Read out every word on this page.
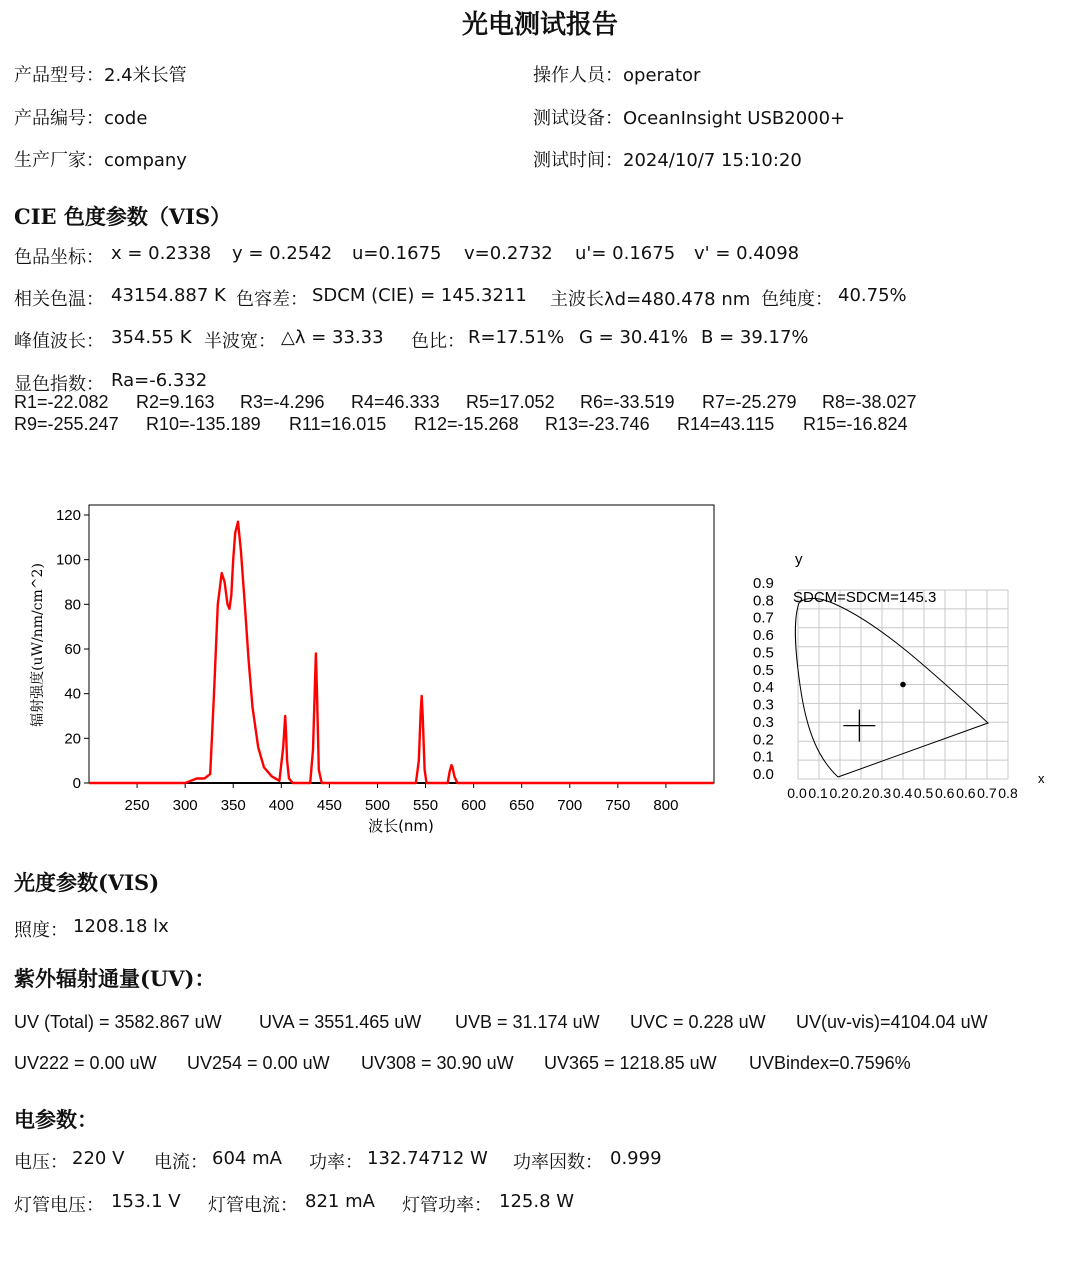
光电测试报告
产品型号：2.4米长管	操作人员：operator
产品编号：code	测试设备：OceanInsight USB2000+
生产厂家：company	测试时间：2024/10/7 15:10:20
CIE 色度参数（VIS）
色品坐标： x = 0.2338 y = 0.2542 u=0.1675 v=0.2732 u'= 0.1675 v' = 0.4098
相关色温： 43154.887 K 色容差： SDCM (CIE) = 145.3211 主波长λd=480.478 nm 色纯度： 40.75%
峰值波长： 354.55 K 半波宽： △λ = 33.33 色比： R=17.51% G = 30.41% B = 39.17%
显色指数： Ra=-6.332
R1=-22.082 R2=9.163 R3=-4.296 R4=46.333 R5=17.052 R6=-33.519 R7=-25.279 R8=-38.027
R9=-255.247 R10=-135.189 R11=16.015 R12=-15.268 R13=-23.746 R14=43.115 R15=-16.824
0
20
40
60
80
100
120
250 300 350 400 450 500 550 600 650 700 750 800
波长(nm)
辐射强度(uW/nm/cm^2)
y
x
SDCM=SDCM=145.3
0.0
0.1
0.2
0.3
0.3
0.4
0.5
0.5
0.6
0.7
0.8
0.9
0.0 0.1 0.2 0.2 0.3 0.4 0.5 0.6 0.6 0.7 0.8
光度参数(VIS)
照度： 1208.18 lx
紫外辐射通量(UV)：
UV (Total) = 3582.867 uW UVA = 3551.465 uW UVB = 31.174 uW UVC = 0.228 uW UV(uv-vis)=4104.04 uW
UV222 = 0.00 uW UV254 = 0.00 uW UV308 = 30.90 uW UV365 = 1218.85 uW UVBindex=0.7596%
电参数：
电压： 220 V 电流： 604 mA 功率： 132.74712 W 功率因数： 0.999
灯管电压： 153.1 V 灯管电流： 821 mA 灯管功率： 125.8 W
